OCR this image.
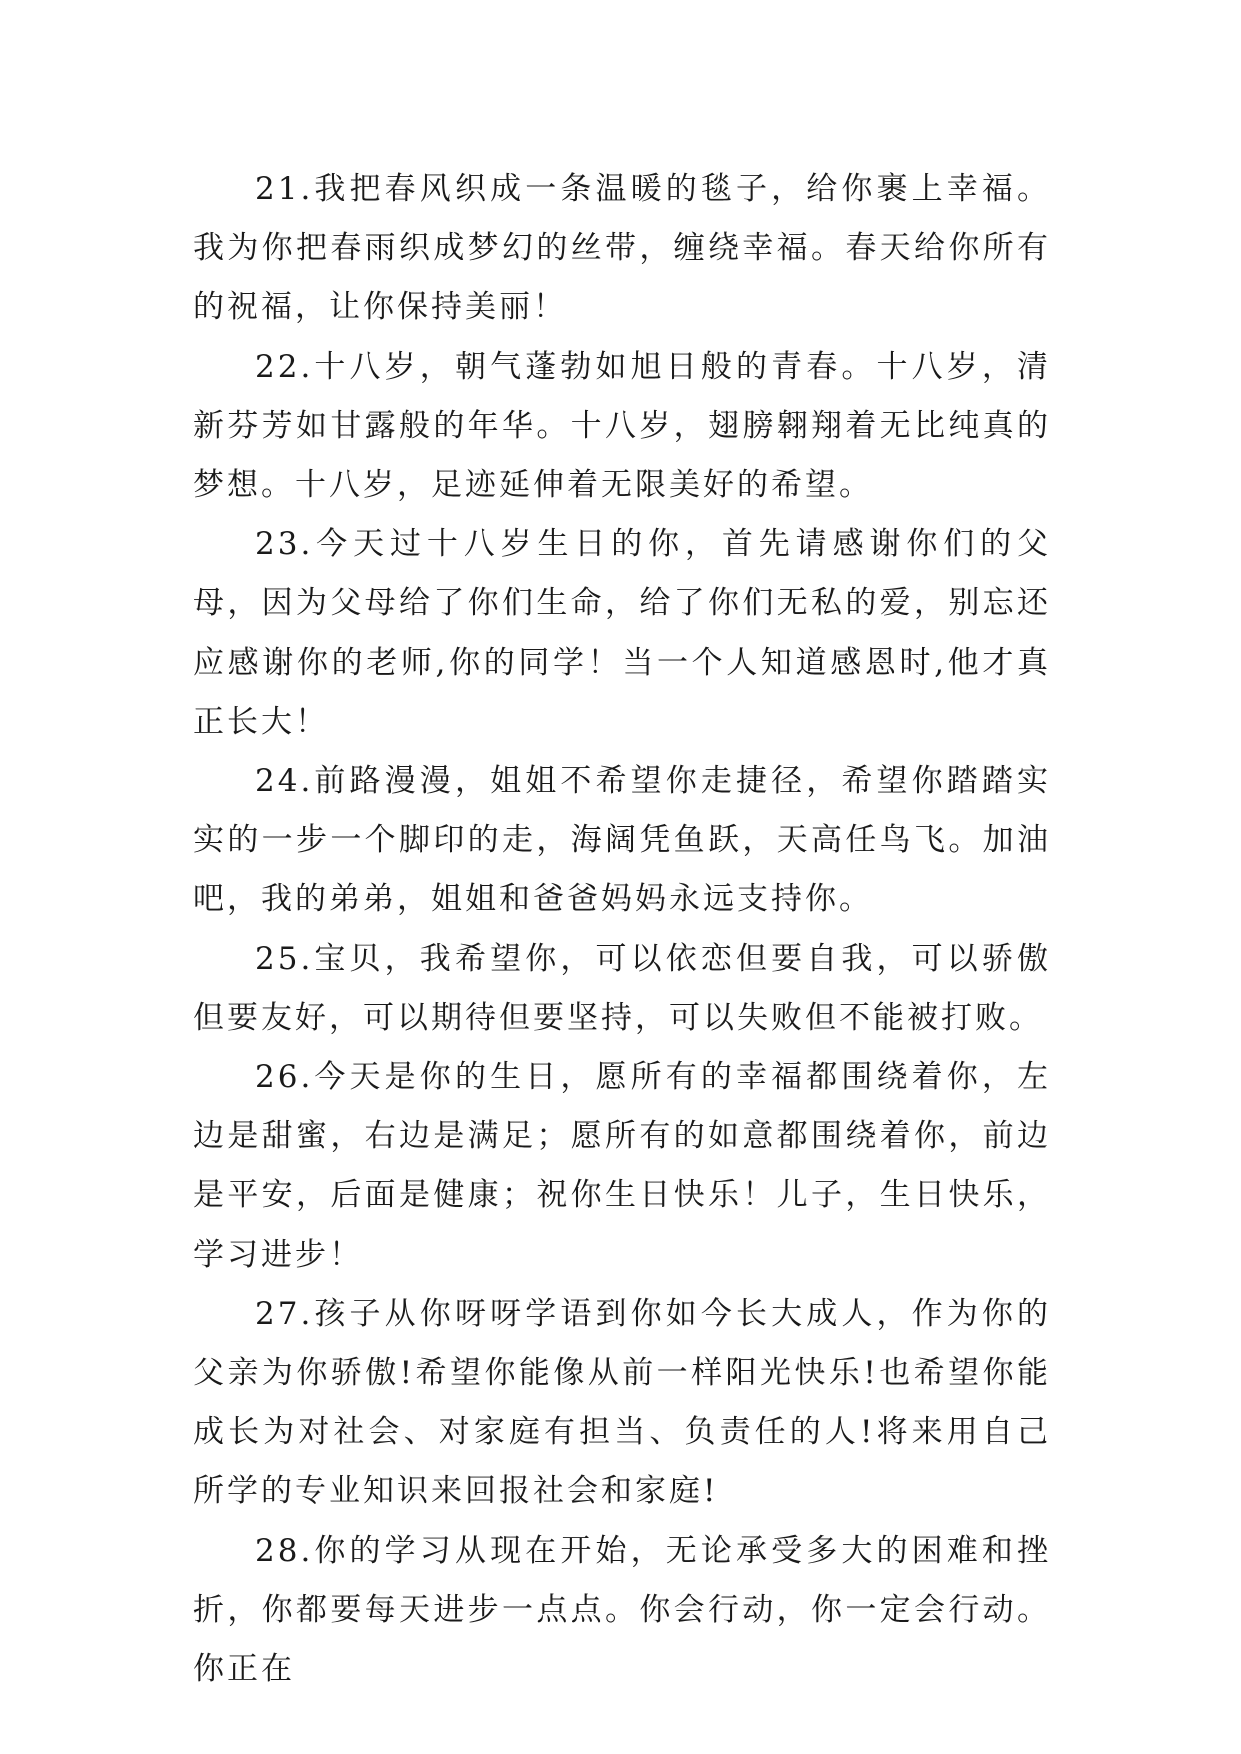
21.我把春风织成一条温暖的毯子，给你裹上幸福。我为你把春雨织成梦幻的丝带，缠绕幸福。春天给你所有的祝福，让你保持美丽！

22.十八岁，朝气蓬勃如旭日般的青春。十八岁，清新芬芳如甘露般的年华。十八岁，翅膀翱翔着无比纯真的梦想。十八岁，足迹延伸着无限美好的希望。

23.今天过十八岁生日的你，首先请感谢你们的父母，因为父母给了你们生命，给了你们无私的爱，别忘还应感谢你的老师,你的同学！当一个人知道感恩时,他才真正长大！

24.前路漫漫，姐姐不希望你走捷径，希望你踏踏实实的一步一个脚印的走，海阔凭鱼跃，天高任鸟飞。加油吧，我的弟弟，姐姐和爸爸妈妈永远支持你。

25.宝贝，我希望你，可以依恋但要自我，可以骄傲但要友好，可以期待但要坚持，可以失败但不能被打败。

26.今天是你的生日，愿所有的幸福都围绕着你，左边是甜蜜，右边是满足；愿所有的如意都围绕着你，前边是平安，后面是健康；祝你生日快乐！儿子，生日快乐，学习进步！

27.孩子从你呀呀学语到你如今长大成人，作为你的父亲为你骄傲!希望你能像从前一样阳光快乐!也希望你能成长为对社会、对家庭有担当、负责任的人!将来用自己所学的专业知识来回报社会和家庭!

28.你的学习从现在开始，无论承受多大的困难和挫折，你都要每天进步一点点。你会行动，你一定会行动。你正在
